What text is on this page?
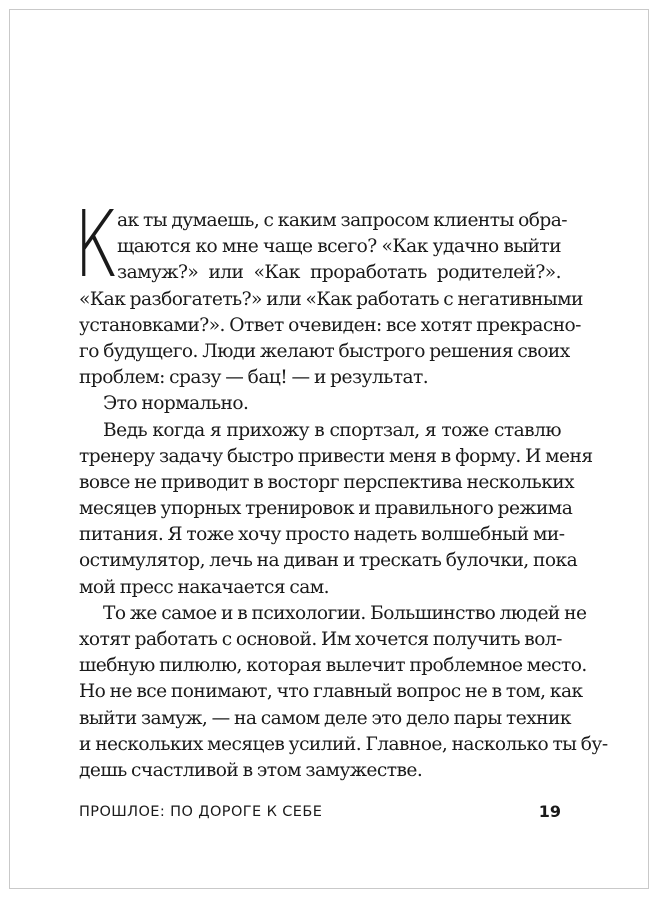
К
ак ты думаешь, с каким запросом клиенты обра-
щаются ко мне чаще всего? «Как удачно выйти
замуж?» или «Как проработать родителей?».
«Как разбогатеть?» или «Как работать с негативными
установками?». Ответ очевиден: все хотят прекрасно-
го будущего. Люди желают быстрого решения своих
проблем: сразу — бац! — и результат.
Это нормально.
Ведь когда я прихожу в спортзал, я тоже ставлю
тренеру задачу быстро привести меня в форму. И меня
вовсе не приводит в восторг перспектива нескольких
месяцев упорных тренировок и правильного режима
питания. Я тоже хочу просто надеть волшебный ми-
остимулятор, лечь на диван и трескать булочки, пока
мой пресс накачается сам.
То же самое и в психологии. Большинство людей не
хотят работать с основой. Им хочется получить вол-
шебную пилюлю, которая вылечит проблемное место.
Но не все понимают, что главный вопрос не в том, как
выйти замуж, — на самом деле это дело пары техник
и нескольких месяцев усилий. Главное, насколько ты бу-
дешь счастливой в этом замужестве.
ПРОШЛОЕ: ПО ДОРОГЕ К СЕБЕ	19
